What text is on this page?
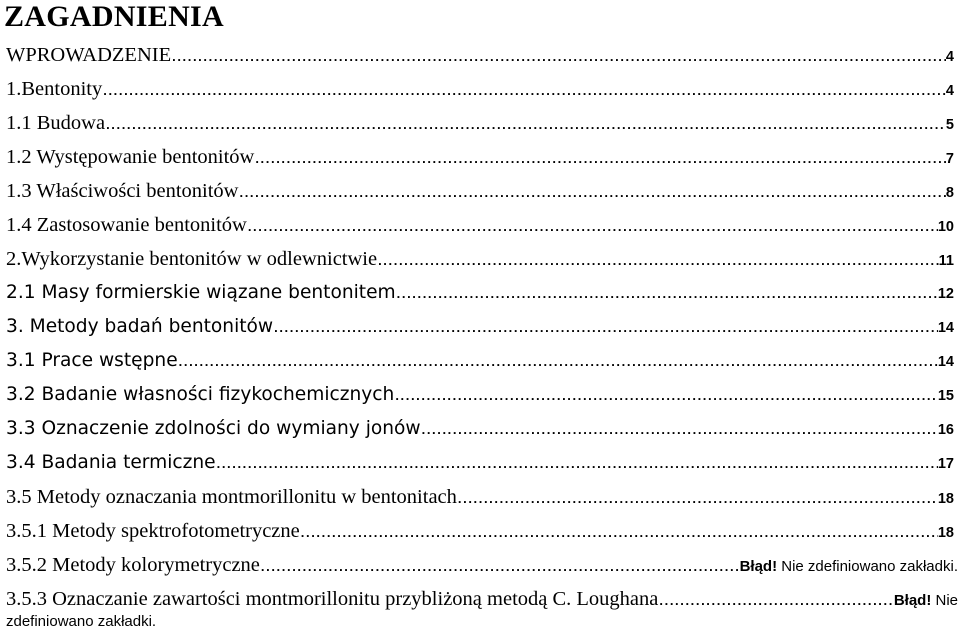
ZAGADNIENIA
WPROWADZENIE .....	4
1.Bentonity .....	4
1.1 Budowa .....	5
1.2 Występowanie bentonitów .....	7
1.3 Właściwości bentonitów .....	8
1.4 Zastosowanie bentonitów .....	10
2.Wykorzystanie bentonitów w odlewnictwie .....	11
2.1 Masy formierskie wiązane bentonitem .....	12
3. Metody badań bentonitów .....	14
3.1 Prace wstępne .....	14
3.2 Badanie własności fizykochemicznych .....	15
3.3 Oznaczenie zdolności do wymiany jonów .....	16
3.4 Badania termiczne .....	17
3.5 Metody oznaczania montmorillonitu w bentonitach .....	18
3.5.1 Metody spektrofotometryczne .....	18
3.5.2 Metody kolorymetryczne .....	Błąd! Nie zdefiniowano zakładki.
3.5.3 Oznaczanie zawartości montmorillonitu przybliżoną metodą C. Loughana .....	Błąd! Nie
zdefiniowano zakładki.
